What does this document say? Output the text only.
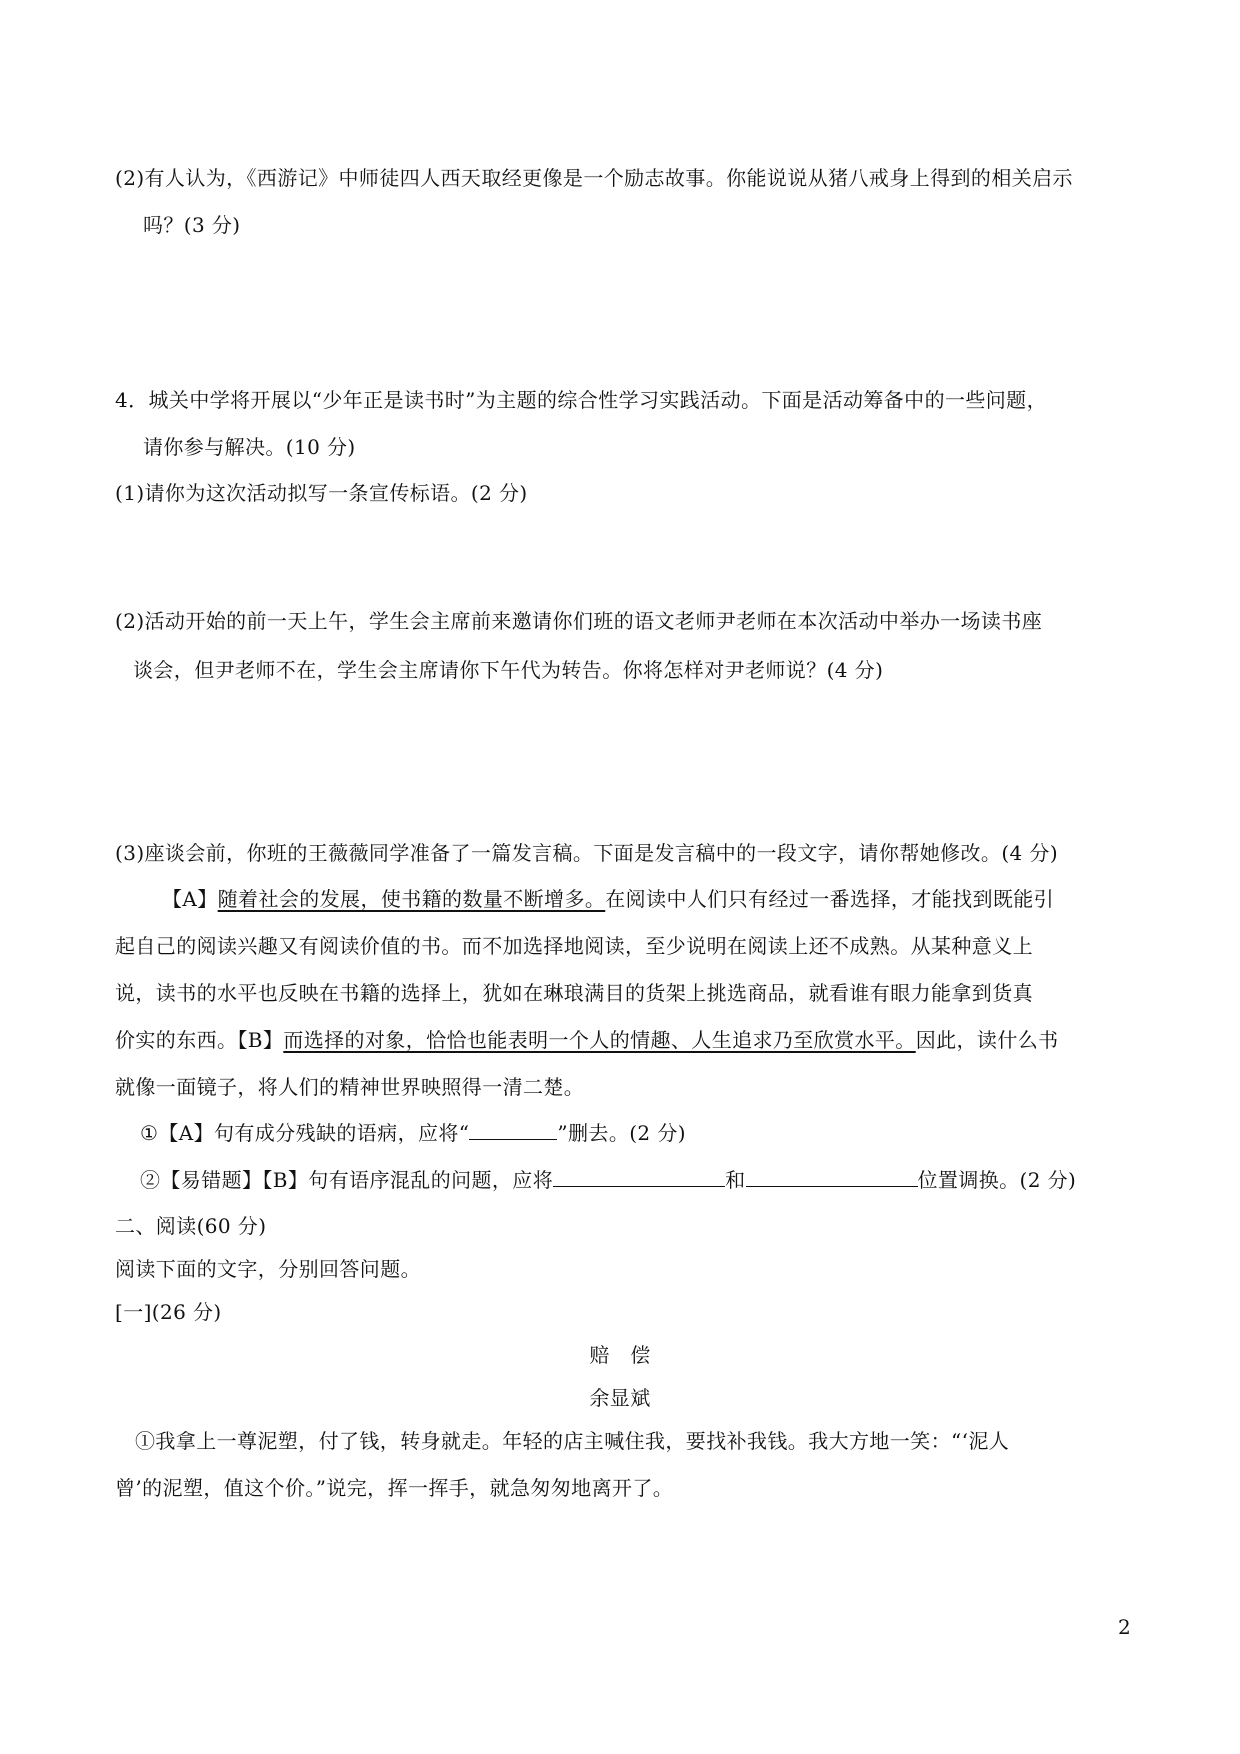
(2)有人认为，《西游记》中师徒四人西天取经更像是一个励志故事。你能说说从猪八戒身上得到的相关启示
吗？(3 分)
4．城关中学将开展以“少年正是读书时”为主题的综合性学习实践活动。下面是活动筹备中的一些问题，
请你参与解决。(10 分)
(1)请你为这次活动拟写一条宣传标语。(2 分)
(2)活动开始的前一天上午，学生会主席前来邀请你们班的语文老师尹老师在本次活动中举办一场读书座
谈会，但尹老师不在，学生会主席请你下午代为转告。你将怎样对尹老师说？(4 分)
(3)座谈会前，你班的王薇薇同学准备了一篇发言稿。下面是发言稿中的一段文字，请你帮她修改。(4 分)
【A】随着社会的发展，使书籍的数量不断增多。在阅读中人们只有经过一番选择，才能找到既能引
起自己的阅读兴趣又有阅读价值的书。而不加选择地阅读，至少说明在阅读上还不成熟。从某种意义上
说，读书的水平也反映在书籍的选择上，犹如在琳琅满目的货架上挑选商品，就看谁有眼力能拿到货真
价实的东西。【B】而选择的对象，恰恰也能表明一个人的情趣、人生追求乃至欣赏水平。因此，读什么书
就像一面镜子，将人们的精神世界映照得一清二楚。
①【A】句有成分残缺的语病，应将“	”删去。(2 分)
②【易错题】【B】句有语序混乱的问题，应将	和	位置调换。(2 分)
二、阅读(60 分)
阅读下面的文字，分别回答问题。
[一](26 分)
赔　偿
余显斌
①我拿上一尊泥塑，付了钱，转身就走。年轻的店主喊住我，要找补我钱。我大方地一笑：“‘泥人
曾’的泥塑，值这个价。”说完，挥一挥手，就急匆匆地离开了。
2
